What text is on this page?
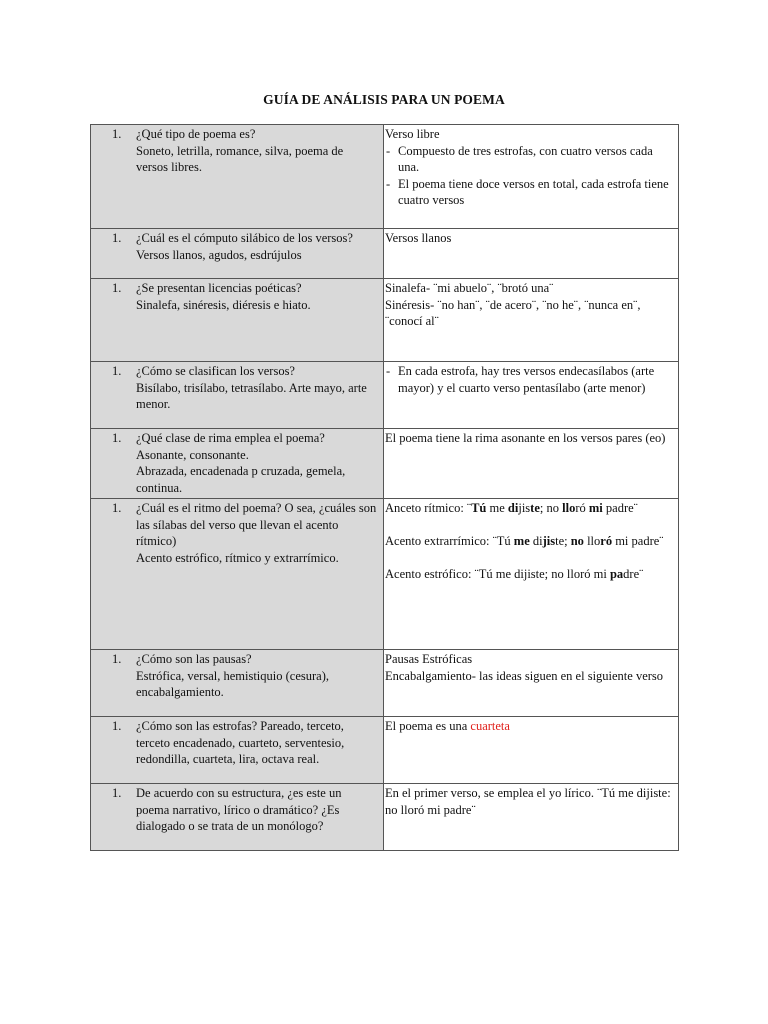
GUÍA DE ANÁLISIS PARA UN POEMA
1. ¿Qué tipo de poema es?
Soneto, letrilla, romance, silva, poema de versos libres.	Verso libre
- Compuesto de tres estrofas, con cuatro versos cada una.
- El poema tiene doce versos en total, cada estrofa tiene cuatro versos

1. ¿Cuál es el cómputo silábico de los versos?
Versos llanos, agudos, esdrújulos	Versos llanos

1. ¿Se presentan licencias poéticas?
Sinalefa, sinéresis, diéresis e hiato.	Sinalefa- ¨mi abuelo¨, ¨brotó una¨
Sinéresis- ¨no han¨, ¨de acero¨, ¨no he¨, ¨nunca en¨, ¨conocí al¨

1. ¿Cómo se clasifican los versos?
Bisílabo, trisílabo, tetrasílabo. Arte mayo, arte menor.	- En cada estrofa, hay tres versos endecasílabos (arte mayor) y el cuarto verso pentasílabo (arte menor)

1. ¿Qué clase de rima emplea el poema?
Asonante, consonante.
Abrazada, encadenada p cruzada, gemela, continua.	El poema tiene la rima asonante en los versos pares (eo)

1. ¿Cuál es el ritmo del poema? O sea, ¿cuáles son las sílabas del verso que llevan el acento rítmico)
Acento estrófico, rítmico y extrarrímico.	Anceto rítmico: ¨Tú me dijiste; no lloró mi padre¨
Acento extrarrímico: ¨Tú me dijiste; no lloró mi padre¨
Acento estrófico: ¨Tú me dijiste; no lloró mi padre¨

1. ¿Cómo son las pausas?
Estrófica, versal, hemistiquio (cesura), encabalgamiento.	Pausas Estróficas
Encabalgamiento- las ideas siguen en el siguiente verso

1. ¿Cómo son las estrofas? Pareado, terceto, terceto encadenado, cuarteto, serventesio, redondilla, cuarteta, lira, octava real.	El poema es una cuarteta

1. De acuerdo con su estructura, ¿es este un poema narrativo, lírico o dramático? ¿Es dialogado o se trata de un monólogo?	En el primer verso, se emplea el yo lírico. ¨Tú me dijiste: no lloró mi padre¨
